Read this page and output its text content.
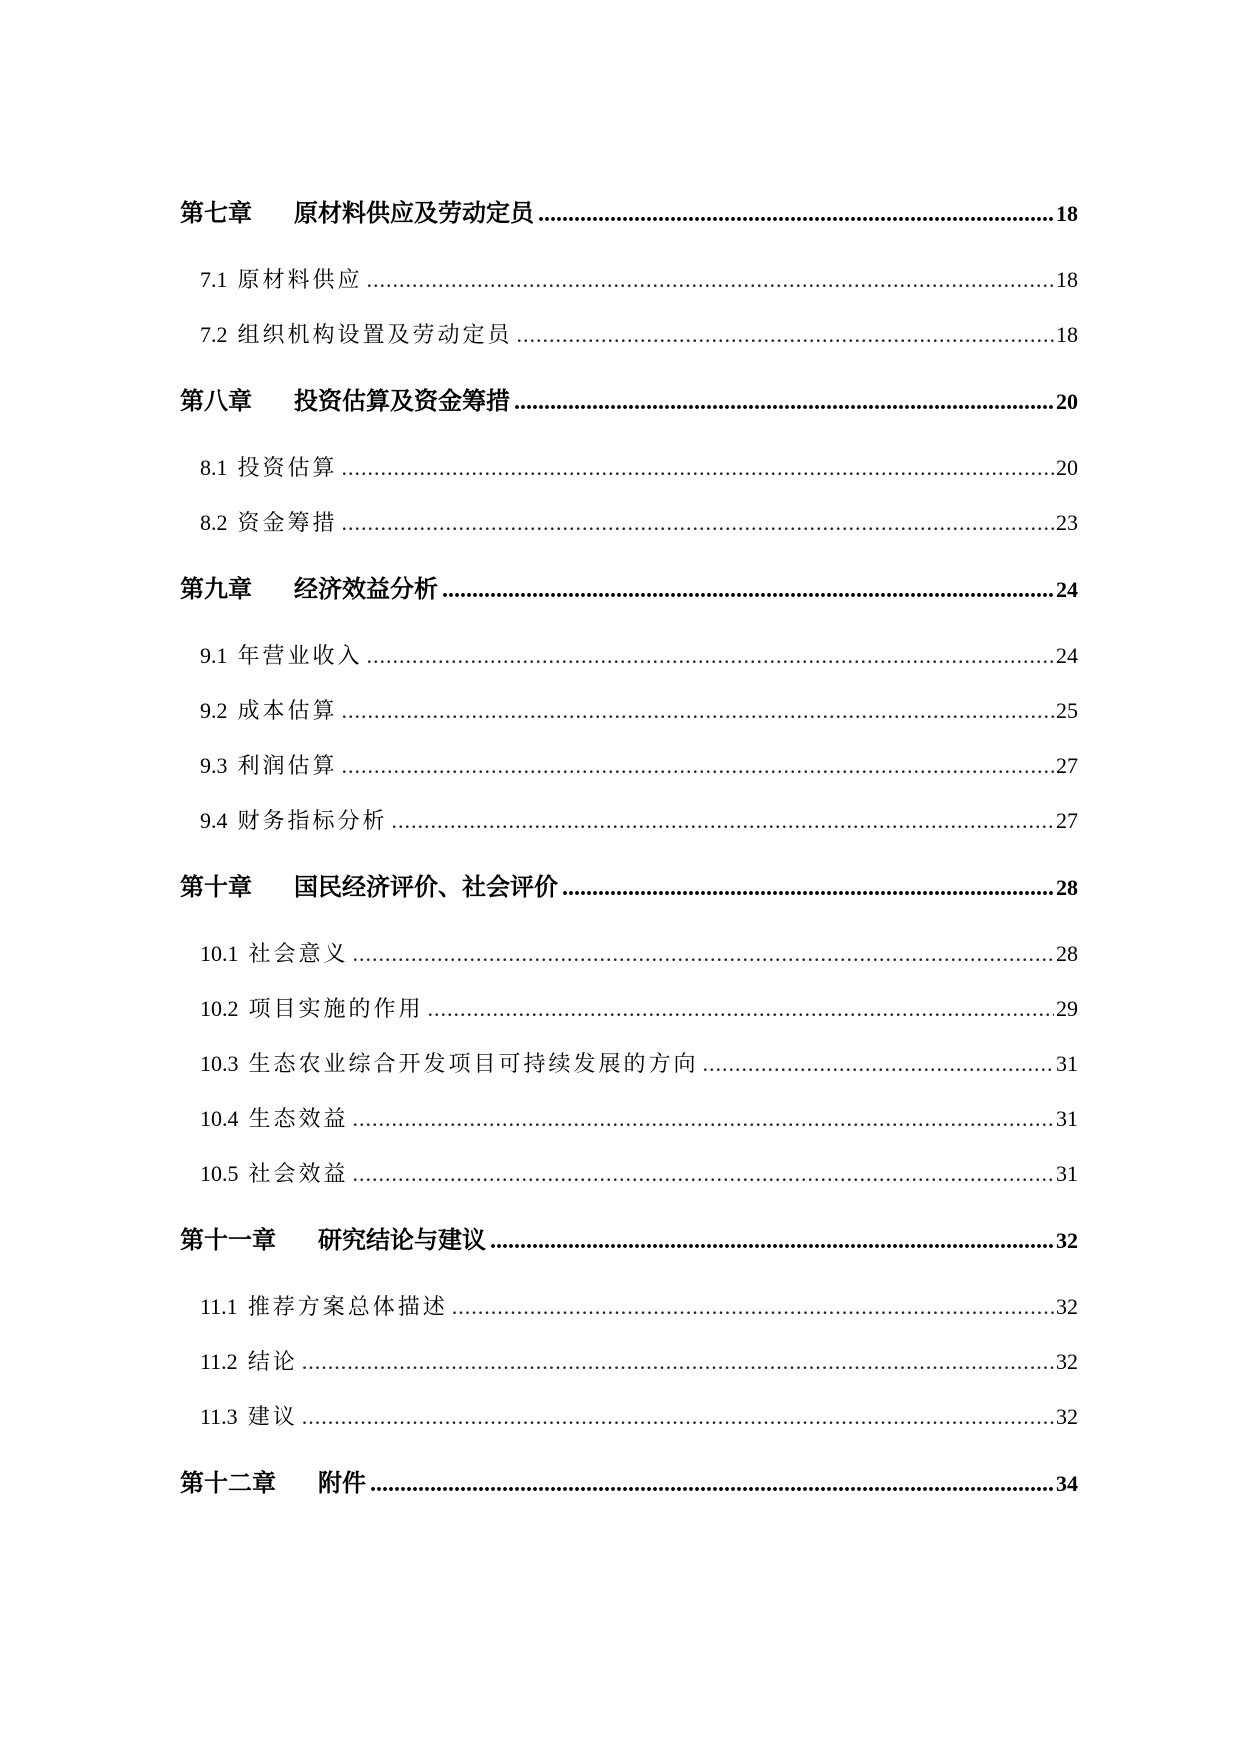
第七章 原材料供应及劳动定员 .....	18
7.1 原材料供应 .....	18
7.2 组织机构设置及劳动定员 .....	18
第八章 投资估算及资金筹措 .....	20
8.1 投资估算 .....	20
8.2 资金筹措 .....	23
第九章 经济效益分析 .....	24
9.1 年营业收入 .....	24
9.2 成本估算 .....	25
9.3 利润估算 .....	27
9.4 财务指标分析 .....	27
第十章 国民经济评价、社会评价 .....	28
10.1 社会意义 .....	28
10.2 项目实施的作用 .....	29
10.3 生态农业综合开发项目可持续发展的方向 .....	31
10.4 生态效益 .....	31
10.5 社会效益 .....	31
第十一章 研究结论与建议 .....	32
11.1 推荐方案总体描述 .....	32
11.2 结论 .....	32
11.3 建议 .....	32
第十二章 附件 .....	34
